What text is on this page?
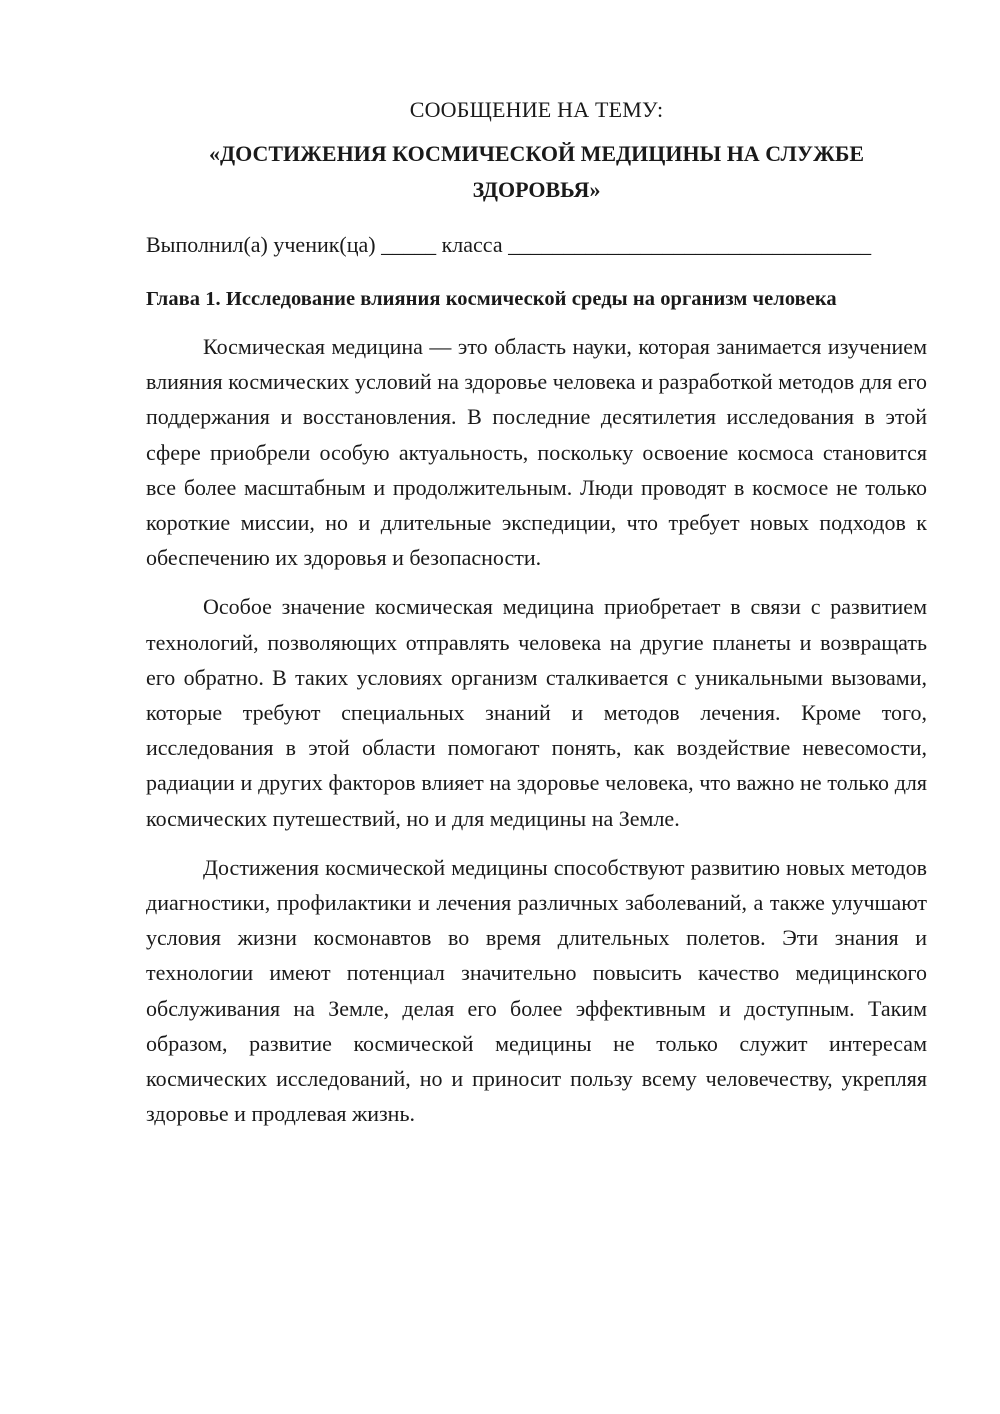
СООБЩЕНИЕ НА ТЕМУ:

«ДОСТИЖЕНИЯ КОСМИЧЕСКОЙ МЕДИЦИНЫ НА СЛУЖБЕ ЗДОРОВЬЯ»

Выполнил(а) ученик(ца) _____ класса _________________________________

Глава 1. Исследование влияния космической среды на организм человека

Космическая медицина — это область науки, которая занимается изучением влияния космических условий на здоровье человека и разработкой методов для его поддержания и восстановления. В последние десятилетия исследования в этой сфере приобрели особую актуальность, поскольку освоение космоса становится все более масштабным и продолжительным. Люди проводят в космосе не только короткие миссии, но и длительные экспедиции, что требует новых подходов к обеспечению их здоровья и безопасности.

Особое значение космическая медицина приобретает в связи с развитием технологий, позволяющих отправлять человека на другие планеты и возвращать его обратно. В таких условиях организм сталкивается с уникальными вызовами, которые требуют специальных знаний и методов лечения. Кроме того, исследования в этой области помогают понять, как воздействие невесомости, радиации и других факторов влияет на здоровье человека, что важно не только для космических путешествий, но и для медицины на Земле.

Достижения космической медицины способствуют развитию новых методов диагностики, профилактики и лечения различных заболеваний, а также улучшают условия жизни космонавтов во время длительных полетов. Эти знания и технологии имеют потенциал значительно повысить качество медицинского обслуживания на Земле, делая его более эффективным и доступным. Таким образом, развитие космической медицины не только служит интересам космических исследований, но и приносит пользу всему человечеству, укрепляя здоровье и продлевая жизнь.
